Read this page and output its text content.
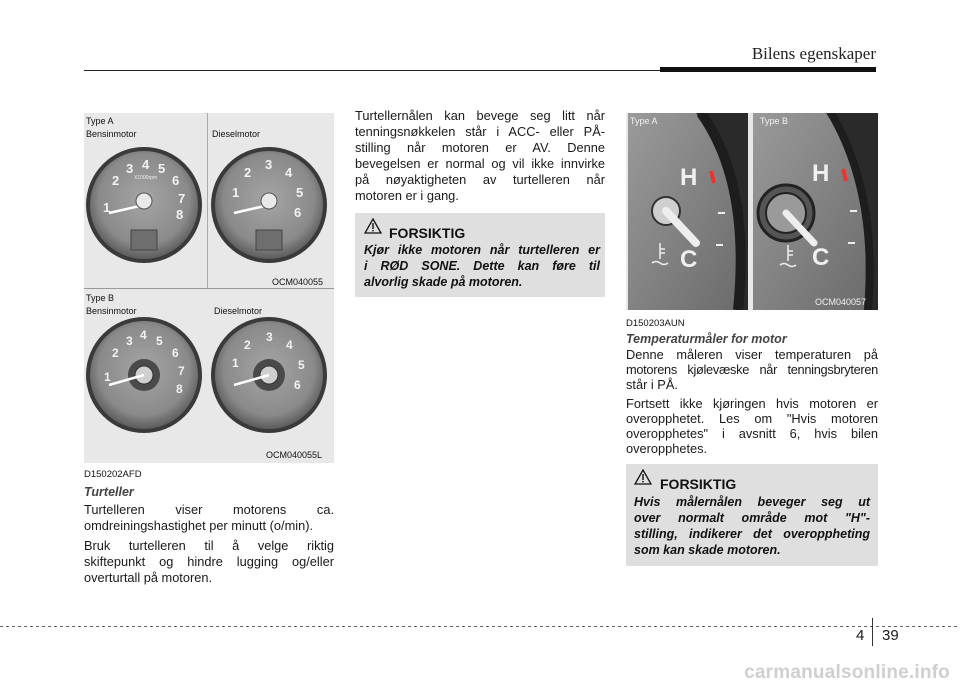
Bilens egenskaper
Type A
Bensinmotor	Dieselmotor
1
2
3 4 5
6
7
8
X1000rpm
1
2
3
4
5
6
1
2
3 4 5
6
7
8
1
2
3
4
5
6
OCM040055
Type B
Bensinmotor	Dieselmotor
OCM040055L
D150202AFD
Turteller
Turtelleren viser motorens ca.
omdreiningshastighet per minutt (o/min).
Bruk turtelleren til å velge riktig
skiftepunkt og hindre lugging og/eller
overturtall på motoren.
Turtellernålen kan bevege seg litt når
tenningsnøkkelen står i ACC- eller PÅ-
stilling når motoren er AV. Denne
bevegelsen er normal og vil ikke innvirke
på nøyaktigheten av turtelleren når
motoren er i gang.
FORSIKTIG
Kjør ikke motoren når turtelleren er
i RØD SONE. Dette kan føre til
alvorlig skade på motoren.
H
C
H
C
Type A	Type B
OCM040057
D150203AUN
Temperaturmåler for motor
Denne måleren viser temperaturen på
motorens kjølevæske når tenningsbryteren
står i PÅ.
Fortsett ikke kjøringen hvis motoren er
overopphetet. Les om "Hvis motoren
overopphetes" i avsnitt 6, hvis bilen
overopphetes.
FORSIKTIG
Hvis målernålen beveger seg ut
over normalt område mot "H"-
stilling, indikerer det overoppheting
som kan skade motoren.
4 39
carmanualsonline.info
